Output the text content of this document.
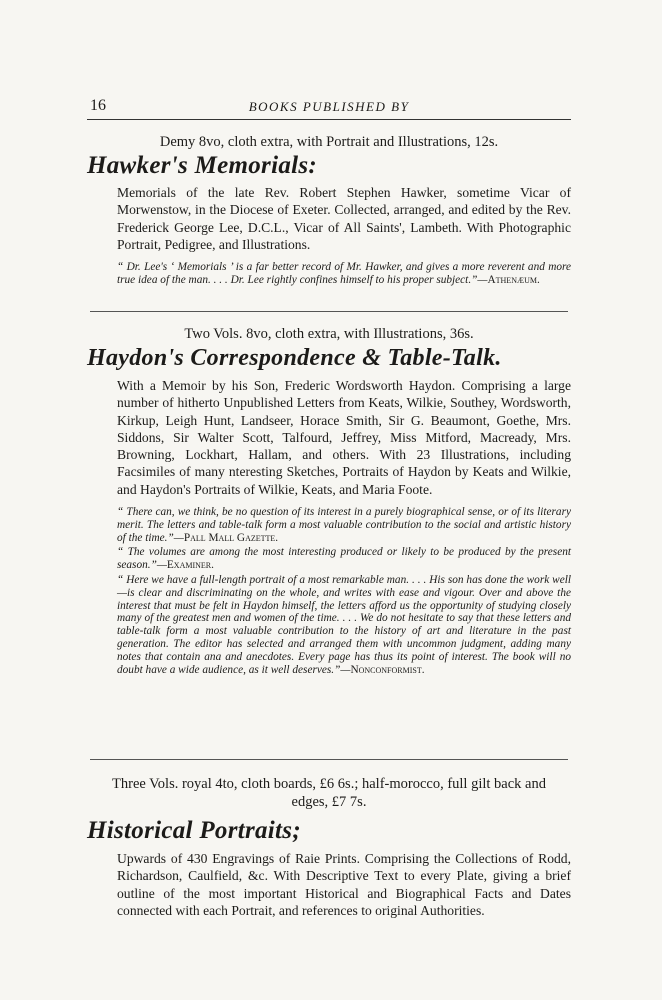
16	BOOKS PUBLISHED BY
Demy 8vo, cloth extra, with Portrait and Illustrations, 12s.
Hawker's Memorials:

Memorials of the late Rev. Robert Stephen Hawker, sometime Vicar of Morwenstow, in the Diocese of Exeter. Collected, arranged, and edited by the Rev. Frederick George Lee, D.C.L., Vicar of All Saints', Lambeth. With Photographic Portrait, Pedigree, and Illustrations.

“ Dr. Lee's ‘ Memorials ’ is a far better record of Mr. Hawker, and gives a more reverent and more true idea of the man. . . . Dr. Lee rightly confines himself to his proper subject.”—Athenæum.

Two Vols. 8vo, cloth extra, with Illustrations, 36s.
Haydon's Correspondence & Table-Talk.

With a Memoir by his Son, Frederic Wordsworth Haydon. Comprising a large number of hitherto Unpublished Letters from Keats, Wilkie, Southey, Wordsworth, Kirkup, Leigh Hunt, Landseer, Horace Smith, Sir G. Beaumont, Goethe, Mrs. Siddons, Sir Walter Scott, Talfourd, Jeffrey, Miss Mitford, Macready, Mrs. Browning, Lockhart, Hallam, and others. With 23 Illustrations, including Facsimiles of many nteresting Sketches, Portraits of Haydon by Keats and Wilkie, and Haydon's Portraits of Wilkie, Keats, and Maria Foote.

“ There can, we think, be no question of its interest in a purely biographical sense, or of its literary merit. The letters and table-talk form a most valuable contribution to the social and artistic history of the time.”—Pall Mall Gazette.

“ The volumes are among the most interesting produced or likely to be produced by the present season.”—Examiner.

“ Here we have a full-length portrait of a most remarkable man. . . . His son has done the work well—is clear and discriminating on the whole, and writes with ease and vigour. Over and above the interest that must be felt in Haydon himself, the letters afford us the opportunity of studying closely many of the greatest men and women of the time. . . . We do not hesitate to say that these letters and table-talk form a most valuable contribution to the history of art and literature in the past generation. The editor has selected and arranged them with uncommon judgment, adding many notes that contain ana and anecdotes. Every page has thus its point of interest. The book will no doubt have a wide audience, as it well deserves.”—Nonconformist.

Three Vols. royal 4to, cloth boards, £6 6s.; half-morocco, full gilt back and edges, £7 7s.
Historical Portraits;

Upwards of 430 Engravings of Raie Prints. Comprising the Collections of Rodd, Richardson, Caulfield, &c. With Descriptive Text to every Plate, giving a brief outline of the most important Historical and Biographical Facts and Dates connected with each Portrait, and references to original Authorities.
